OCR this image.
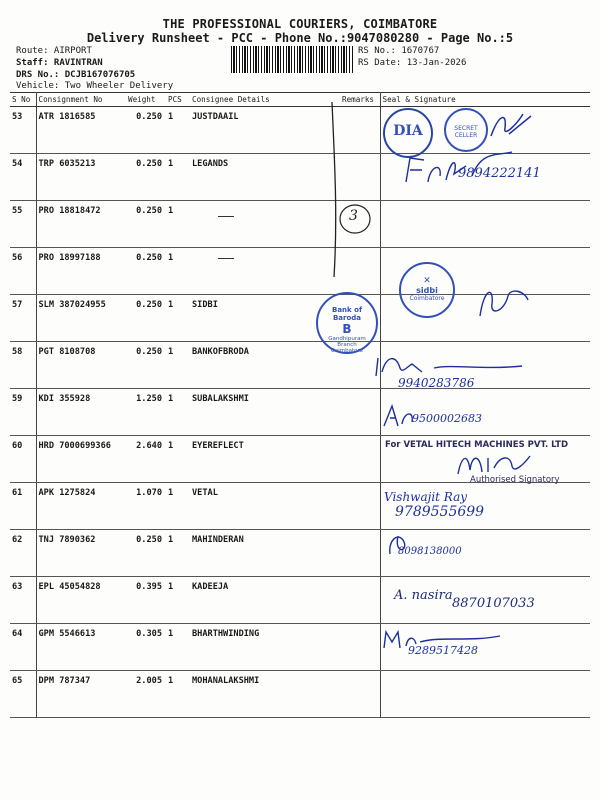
THE PROFESSIONAL COURIERS, COIMBATORE
Delivery Runsheet - PCC - Phone No.:9047080280 - Page No.:5
Route: AIRPORT
Staff: RAVINTRAN
DRS No.: DCJB167076705
Vehicle: Two Wheeler Delivery
RS No.: 1670767
RS Date: 13-Jan-2026
S No	Consignment No	Weight	PCS	Consignee Details	Remarks	Seal & Signature
53	ATR 1816585	0.250	1	JUSTDAAIL		
54	TRP 6035213	0.250	1	LEGANDS		
55	PRO 18818472	0.250	1			
56	PRO 18997188	0.250	1			
57	SLM 387024955	0.250	1	SIDBI		
58	PGT 8108708	0.250	1	BANKOFBRODA		
59	KDI 355928	1.250	1	SUBALAKSHMI		
60	HRD 7000699366	2.640	1	EYEREFLECT		
61	APK 1275824	1.070	1	VETAL		
62	TNJ 7890362	0.250	1	MAHINDERAN		
63	EPL 45054828	0.395	1	KADEEJA		
64	GPM 5546613	0.305	1	BHARTHWINDING		
65	DPM 787347	2.005	1	MOHANALAKSHMI		
3
DIA	SECRET CELLER
9894222141
✕
sidbi
Coimbatore
Bank of Baroda
B
Gandhipuram Branch
Coimbatore
9940283786
9500002683
For VETAL HITECH MACHINES PVT. LTD
Authorised Signatory
Vishwajit Ray
9789555699
8098138000
A. nasira
8870107033
9289517428
